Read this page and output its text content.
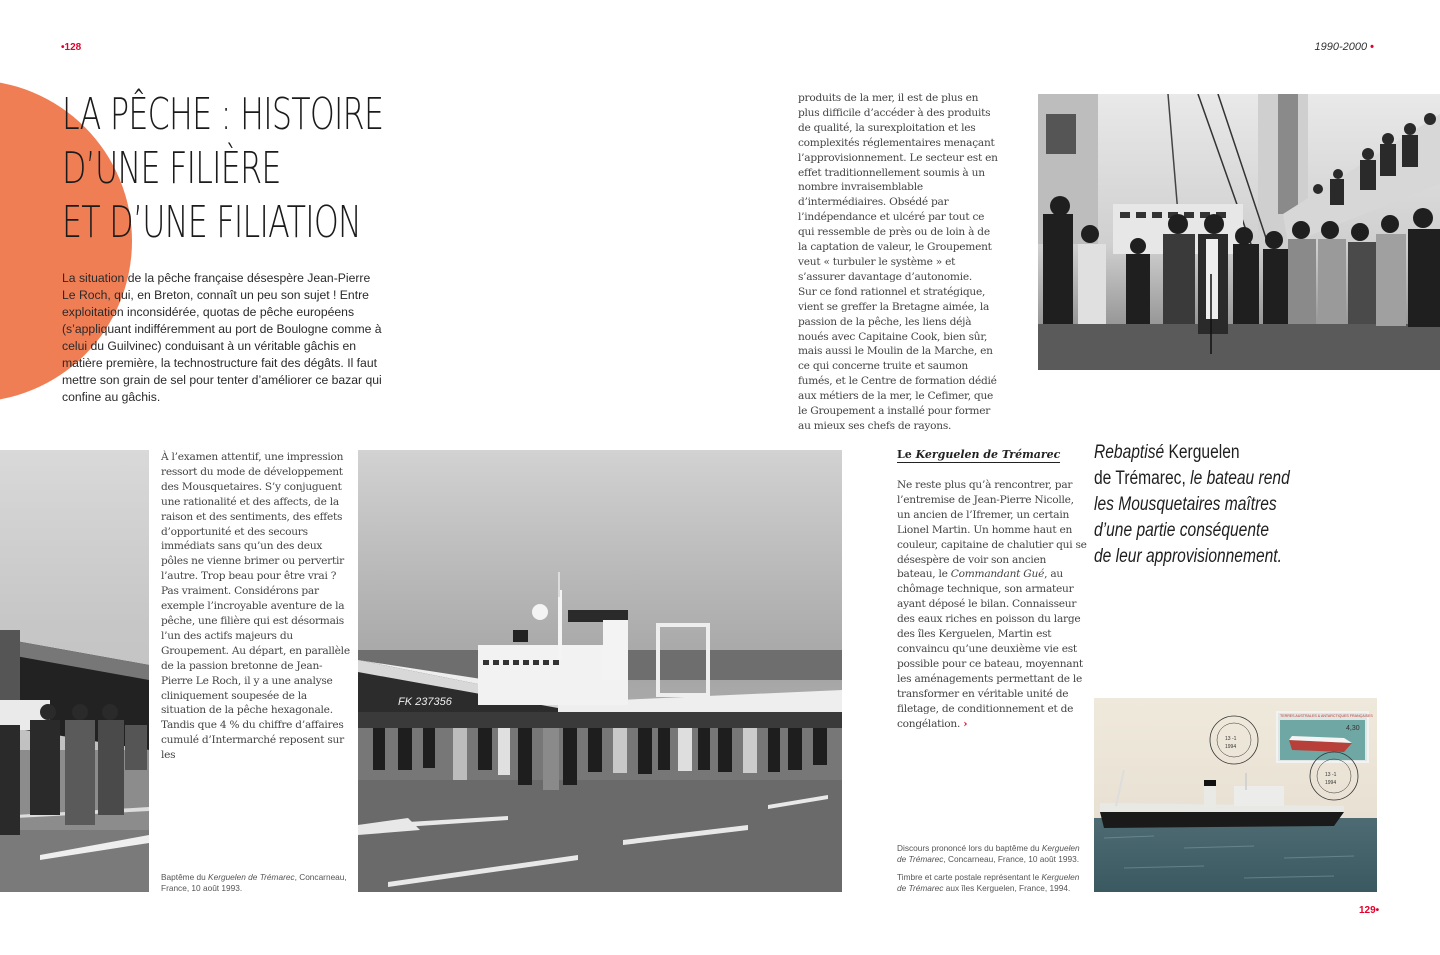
•128	1990-2000 •
129•
LA PÊCHE : HISTOIRE
D’UNE FILIÈRE
ET D’UNE FILIATION

La situation de la pêche française désespère Jean-Pierre Le Roch, qui, en Breton, connaît un peu son sujet ! Entre exploitation inconsidérée, quotas de pêche européens (s’appliquant indifféremment au port de Boulogne comme à celui du Guilvinec) conduisant à un véritable gâchis en matière première, la technostructure fait des dégâts. Il faut mettre son grain de sel pour tenter d’améliorer ce bazar qui confine au gâchis.

produits de la mer, il est de plus en plus difficile d’accéder à des produits de qualité, la surexploitation et les complexités réglementaires menaçant l’approvisionnement. Le secteur est en effet traditionnellement soumis à un nombre invraisemblable d’intermédiaires. Obsédé par l’indépendance et ulcéré par tout ce qui ressemble de près ou de loin à de la captation de valeur, le Groupement veut « turbuler le système » et s’assurer davantage d’autonomie.

Sur ce fond rationnel et stratégique, vient se greffer la Bretagne aimée, la passion de la pêche, les liens déjà noués avec Capitaine Cook, bien sûr, mais aussi le Moulin de la Marche, en ce qui concerne truite et saumon fumés, et le Centre de formation dédié aux métiers de la mer, le Cefimer, que le Groupement a installé pour former au mieux ses chefs de rayons.

À l’examen attentif, une impression ressort du mode de développement des Mousquetaires. S’y conjuguent une rationalité et des affects, de la raison et des sentiments, des effets d’opportunité et des secours immédiats sans qu’un des deux pôles ne vienne brimer ou pervertir l’autre. Trop beau pour être vrai ? Pas vraiment. Considérons par exemple l’incroyable aventure de la pêche, une filière qui est désormais l’un des actifs majeurs du Groupement. Au départ, en parallèle de la passion bretonne de Jean-Pierre Le Roch, il y a une analyse cliniquement soupesée de la situation de la pêche hexagonale. Tandis que 4 % du chiffre d’affaires cumulé d’Intermarché reposent sur les

FK 237356
Le Kerguelen de Trémarec

Ne reste plus qu’à rencontrer, par l’entremise de Jean-Pierre Nicolle, un ancien de l’Ifremer, un certain Lionel Martin. Un homme haut en couleur, capitaine de chalutier qui se désespère de voir son ancien bateau, le Commandant Gué, au chômage technique, son armateur ayant déposé le bilan. Connaisseur des eaux riches en poisson du large des îles Kerguelen, Martin est convaincu qu’une deuxième vie est possible pour ce bateau, moyennant les aménagements permettant de le transformer en véritable unité de filetage, de conditionnement et de congélation. ›

Rebaptisé Kerguelen
de Trémarec, le bateau rend
les Mousquetaires maîtres
d’une partie conséquente
de leur approvisionnement.
TERRES AUSTRALES & ANTARCTIQUES FRANÇAISES
4,30
13 -1
1994
13 -1
1994

Baptême du Kerguelen de Trémarec, Concarneau, France, 10 août 1993.

Discours prononcé lors du baptême du Kerguelen de Trémarec, Concarneau, France, 10 août 1993.

Timbre et carte postale représentant le Kerguelen de Trémarec aux îles Kerguelen, France, 1994.
